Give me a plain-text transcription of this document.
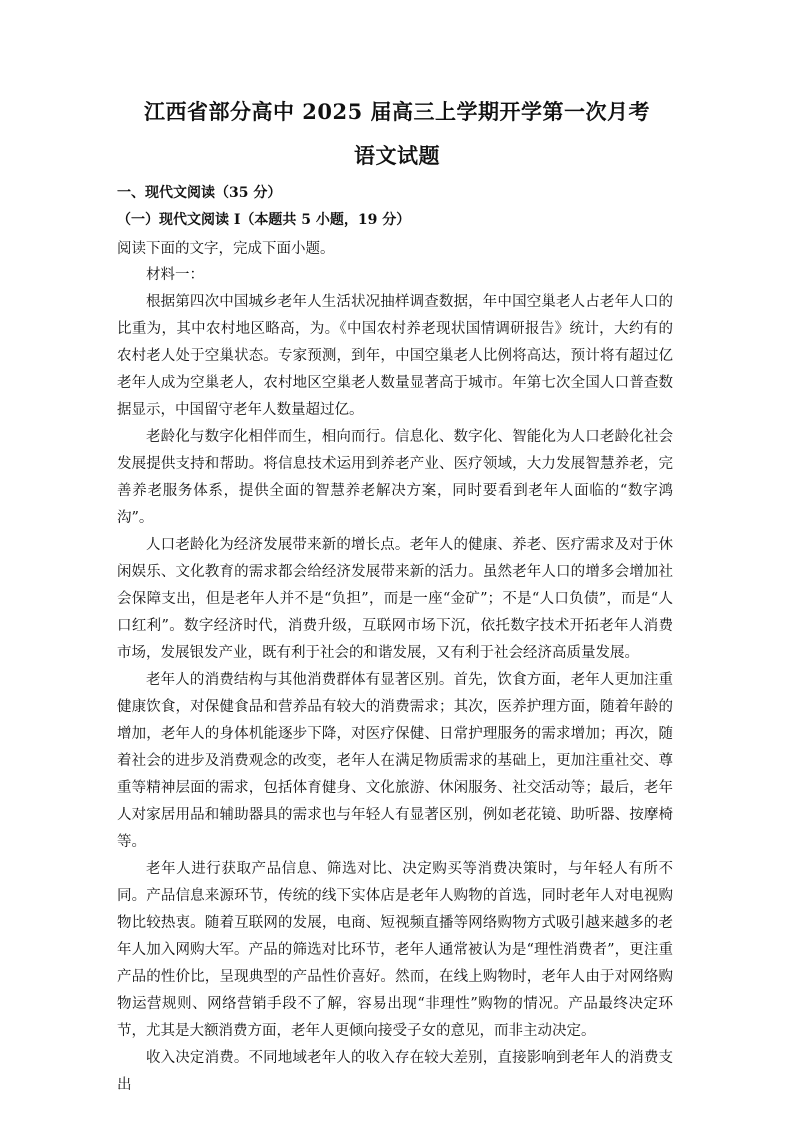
江西省部分高中 2025 届高三上学期开学第一次月考
语文试题
一、现代文阅读（35 分）
（一）现代文阅读 I（本题共 5 小题，19 分）
阅读下面的文字，完成下面小题。

材料一：

根据第四次中国城乡老年人生活状况抽样调查数据，年中国空巢老人占老年人口的比重为，其中农村地区略高，为。《中国农村养老现状国情调研报告》统计，大约有的农村老人处于空巢状态。专家预测，到年，中国空巢老人比例将高达，预计将有超过亿老年人成为空巢老人，农村地区空巢老人数量显著高于城市。年第七次全国人口普查数据显示，中国留守老年人数量超过亿。

老龄化与数字化相伴而生，相向而行。信息化、数字化、智能化为人口老龄化社会发展提供支持和帮助。将信息技术运用到养老产业、医疗领域，大力发展智慧养老，完善养老服务体系，提供全面的智慧养老解决方案，同时要看到老年人面临的“数字鸿沟”。

人口老龄化为经济发展带来新的增长点。老年人的健康、养老、医疗需求及对于休闲娱乐、文化教育的需求都会给经济发展带来新的活力。虽然老年人口的增多会增加社会保障支出，但是老年人并不是“负担”，而是一座“金矿”；不是“人口负债”，而是“人口红利”。数字经济时代，消费升级，互联网市场下沉，依托数字技术开拓老年人消费市场，发展银发产业，既有利于社会的和谐发展，又有利于社会经济高质量发展。

老年人的消费结构与其他消费群体有显著区别。首先，饮食方面，老年人更加注重健康饮食，对保健食品和营养品有较大的消费需求；其次，医养护理方面，随着年龄的增加，老年人的身体机能逐步下降，对医疗保健、日常护理服务的需求增加；再次，随着社会的进步及消费观念的改变，老年人在满足物质需求的基础上，更加注重社交、尊重等精神层面的需求，包括体育健身、文化旅游、休闲服务、社交活动等；最后，老年人对家居用品和辅助器具的需求也与年轻人有显著区别，例如老花镜、助听器、按摩椅等。

老年人进行获取产品信息、筛选对比、决定购买等消费决策时，与年轻人有所不同。产品信息来源环节，传统的线下实体店是老年人购物的首选，同时老年人对电视购物比较热衷。随着互联网的发展，电商、短视频直播等网络购物方式吸引越来越多的老年人加入网购大军。产品的筛选对比环节，老年人通常被认为是“理性消费者”，更注重产品的性价比，呈现典型的产品性价喜好。然而，在线上购物时，老年人由于对网络购物运营规则、网络营销手段不了解，容易出现“非理性”购物的情况。产品最终决定环节，尤其是大额消费方面，老年人更倾向接受子女的意见，而非主动决定。

收入决定消费。不同地域老年人的收入存在较大差别，直接影响到老年人的消费支出
